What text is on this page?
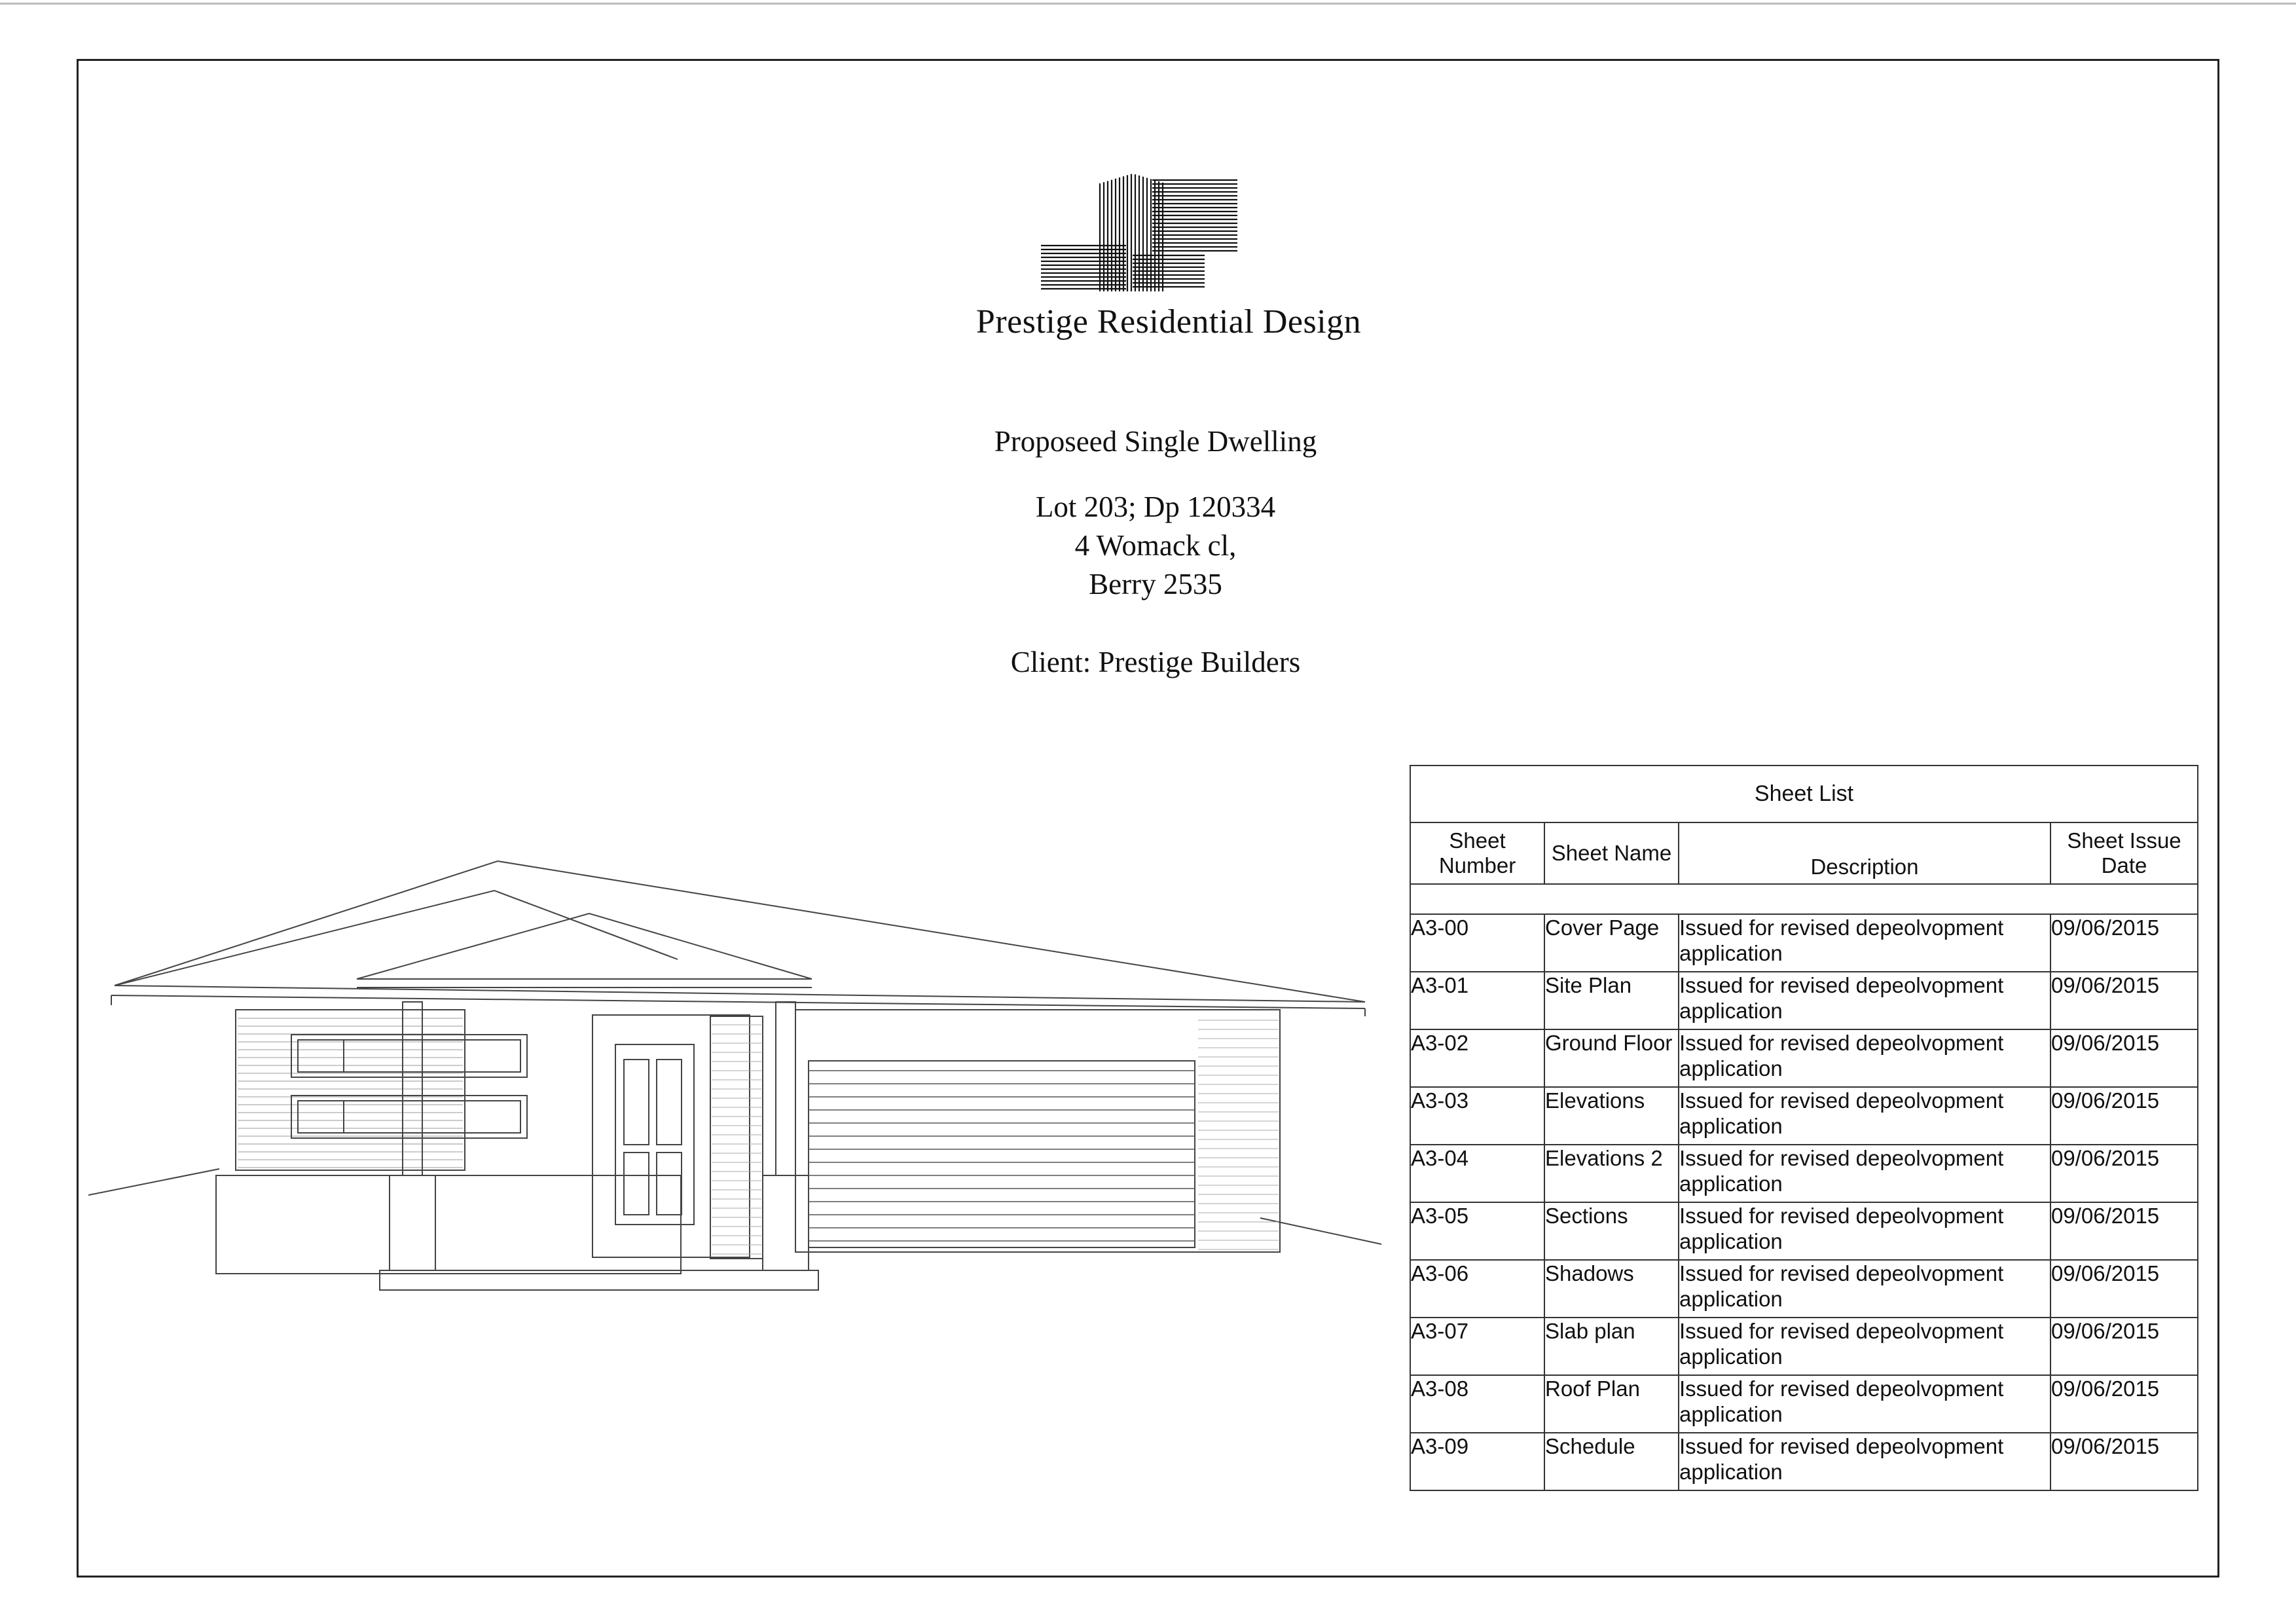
Prestige Residential Design
Proposeed Single Dwelling
Lot 203; Dp 120334
4 Womack cl,
Berry 2535
Client: Prestige Builders
Sheet List			
Sheet Number	Sheet Name	Description	Sheet Issue Date

A3-00	Cover Page	Issued for revised depeolvopment application	09/06/2015
A3-01	Site Plan	Issued for revised depeolvopment application	09/06/2015
A3-02	Ground Floor	Issued for revised depeolvopment application	09/06/2015
A3-03	Elevations	Issued for revised depeolvopment application	09/06/2015
A3-04	Elevations 2	Issued for revised depeolvopment application	09/06/2015
A3-05	Sections	Issued for revised depeolvopment application	09/06/2015
A3-06	Shadows	Issued for revised depeolvopment application	09/06/2015
A3-07	Slab plan	Issued for revised depeolvopment application	09/06/2015
A3-08	Roof Plan	Issued for revised depeolvopment application	09/06/2015
A3-09	Schedule	Issued for revised depeolvopment application	09/06/2015
